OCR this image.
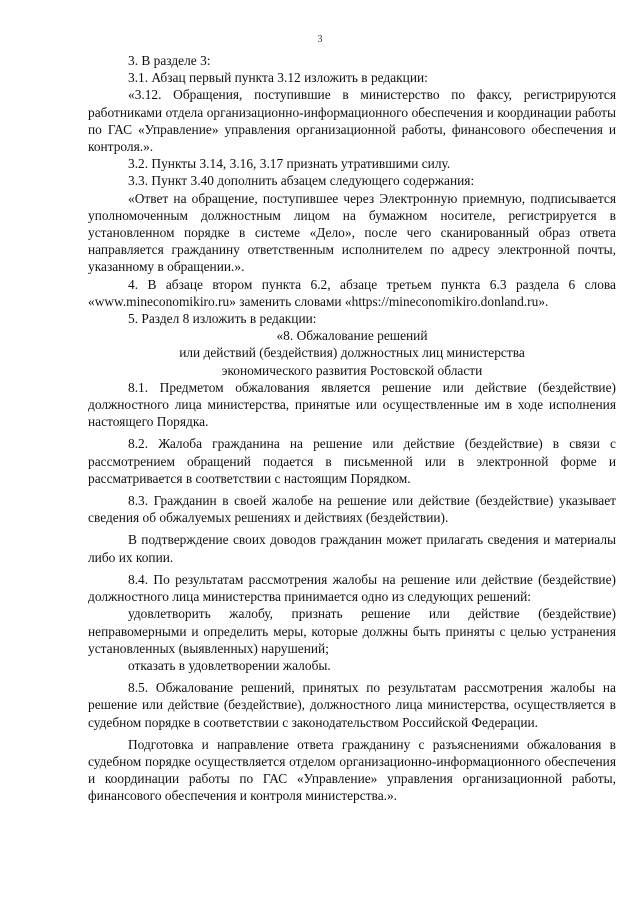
3

3. В разделе 3:

3.1. Абзац первый пункта 3.12 изложить в редакции:

«3.12. Обращения, поступившие в министерство по факсу, регистрируются работниками отдела организационно-информационного обеспечения и координации работы по ГАС «Управление» управления организационной работы, финансового обеспечения и контроля.».

3.2. Пункты 3.14, 3.16, 3.17 признать утратившими силу.

3.3. Пункт 3.40 дополнить абзацем следующего содержания:

«Ответ на обращение, поступившее через Электронную приемную, подписывается уполномоченным должностным лицом на бумажном носителе, регистрируется в установленном порядке в системе «Дело», после чего сканированный образ ответа направляется гражданину ответственным исполнителем по адресу электронной почты, указанному в обращении.».

4. В абзаце втором пункта 6.2, абзаце третьем пункта 6.3 раздела 6 слова «www.mineconomikiro.ru» заменить словами «https://mineconomikiro.donland.ru».

5. Раздел 8 изложить в редакции:

«8. Обжалование решений

или действий (бездействия) должностных лиц министерства

экономического развития Ростовской области

8.1. Предметом обжалования является решение или действие (бездействие) должностного лица министерства, принятые или осуществленные им в ходе исполнения настоящего Порядка.

8.2. Жалоба гражданина на решение или действие (бездействие) в связи с рассмотрением обращений подается в письменной или в электронной форме и рассматривается в соответствии с настоящим Порядком.

8.3. Гражданин в своей жалобе на решение или действие (бездействие) указывает сведения об обжалуемых решениях и действиях (бездействии).

В подтверждение своих доводов гражданин может прилагать сведения и материалы либо их копии.

8.4. По результатам рассмотрения жалобы на решение или действие (бездействие) должностного лица министерства принимается одно из следующих решений:

удовлетворить жалобу, признать решение или действие (бездействие) неправомерными и определить меры, которые должны быть приняты с целью устранения установленных (выявленных) нарушений;

отказать в удовлетворении жалобы.

8.5. Обжалование решений, принятых по результатам рассмотрения жалобы на решение или действие (бездействие), должностного лица министерства, осуществляется в судебном порядке в соответствии с законодательством Российской Федерации.

Подготовка и направление ответа гражданину с разъяснениями обжалования в судебном порядке осуществляется отделом организационно-информационного обеспечения и координации работы по ГАС «Управление» управления организационной работы, финансового обеспечения и контроля министерства.».
